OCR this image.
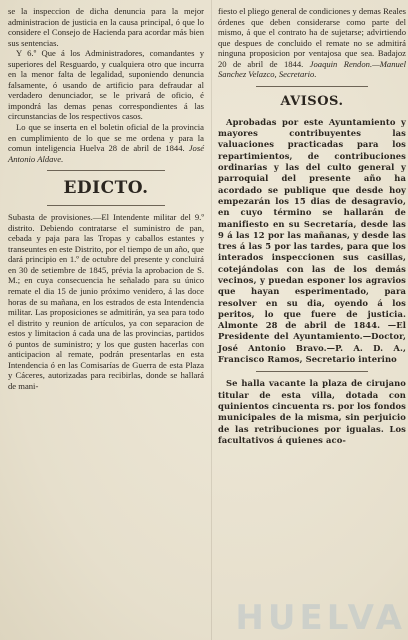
se la inspeccion de dicha denuncia para la mejor administracion de justicia en la causa principal, ó que lo considere el Consejo de Hacienda para acordar más bien sus sentencias.

Y 6.º Que á los Administradores, comandantes y superiores del Resguardo, y cualquiera otro que incurra en la menor falta de legalidad, suponiendo denuncia falsamente, ó usando de artificio para defraudar al verdadero denunciador, se le privará de oficio, é impondrá las demas penas correspondientes á las circunstancias de los respectivos casos.

Lo que se inserta en el boletin oficial de la provincia en cumplimiento de lo que se me ordena y para la comun inteligencia Huelva 28 de abril de 1844. José Antonio Aldave.

EDICTO.

Subasta de provisiones.—El Intendente militar del 9.º distrito. Debiendo contratarse el suministro de pan, cebada y paja para las Tropas y caballos estantes y transeuntes en este Distrito, por el tiempo de un año, que dará principio en 1.º de octubre del presente y concluirá en 30 de setiembre de 1845, prévia la aprobacion de S. M.; en cuya consecuencia he señalado para su único remate el dia 15 de junio próximo venidero, á las doce horas de su mañana, en los estrados de esta Intendencia militar. Las proposiciones se admitirán, ya sea para todo el distrito y reunion de artículos, ya con separacion de estos y limitacion á cada una de las provincias, partidos ó puntos de suministro; y los que gusten hacerlas con anticipacion al remate, podrán presentarlas en esta Intendencia ó en las Comisarías de Guerra de esta Plaza y Cáceres, autorizadas para recibirlas, donde se hallará de mani-

fiesto el pliego general de condiciones y demas Reales órdenes que deben considerarse como parte del mismo, á que el contrato ha de sujetarse; advirtiendo que despues de concluido el remate no se admitirá ninguna proposicion por ventajosa que sea. Badajoz 20 de abril de 1844. Joaquin Rendon.—Manuel Sanchez Velazco, Secretario.

AVISOS.

Aprobadas por este Ayuntamiento y mayores contribuyentes las valuaciones practicadas para los repartimientos, de contribuciones ordinarias y las del culto general y parroquial del presente año ha acordado se publique que desde hoy empezarán los 15 dias de desagravio, en cuyo término se hallarán de manifiesto en su Secretaría, desde las 9 á las 12 por las mañanas, y desde las tres á las 5 por las tardes, para que los interados inspeccionen sus casillas, cotejándolas con las de los demás vecinos, y puedan esponer los agravios que hayan esperimentado, para resolver en su dia, oyendo á los peritos, lo que fuere de justicia. Almonte 28 de abril de 1844. —El Presidente del Ayuntamiento.—Doctor, José Antonio Bravo.—P. A. D. A., Francisco Ramos, Secretario interino

Se halla vacante la plaza de cirujano titular de esta villa, dotada con quinientos cincuenta rs. por los fondos municipales de la misma, sin perjuicio de las retribuciones por igualas. Los facultativos á quienes aco-

HUELVA
